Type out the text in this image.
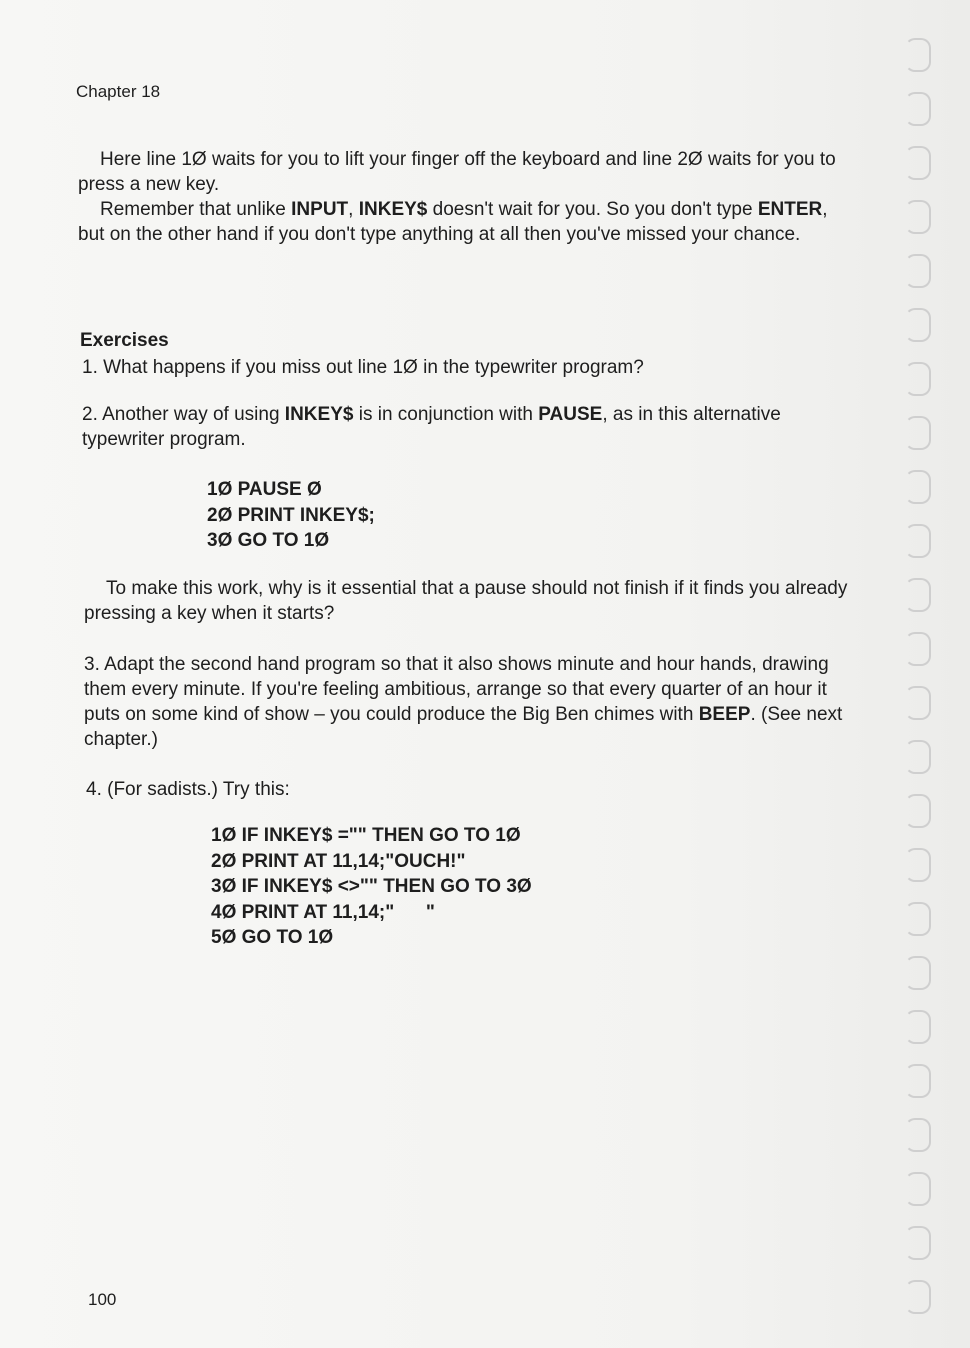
Chapter 18

Here line 1Ø waits for you to lift your finger off the keyboard and line 2Ø waits for you to press a new key.

Remember that unlike INPUT, INKEY$ doesn't wait for you. So you don't type ENTER, but on the other hand if you don't type anything at all then you've missed your chance.

Exercises

1. What happens if you miss out line 1Ø in the typewriter program?

2. Another way of using INKEY$ is in conjunction with PAUSE, as in this alternative typewriter program.

1Ø PAUSE Ø
2Ø PRINT INKEY$;
3Ø GO TO 1Ø

To make this work, why is it essential that a pause should not finish if it finds you already pressing a key when it starts?

3. Adapt the second hand program so that it also shows minute and hour hands, drawing them every minute. If you're feeling ambitious, arrange so that every quarter of an hour it puts on some kind of show – you could produce the Big Ben chimes with BEEP. (See next chapter.)

4. (For sadists.) Try this:

1Ø IF INKEY$ ="" THEN GO TO 1Ø
2Ø PRINT AT 11,14;"OUCH!"
3Ø IF INKEY$ <>"" THEN GO TO 3Ø
4Ø PRINT AT 11,14;"      "
5Ø GO TO 1Ø
100
